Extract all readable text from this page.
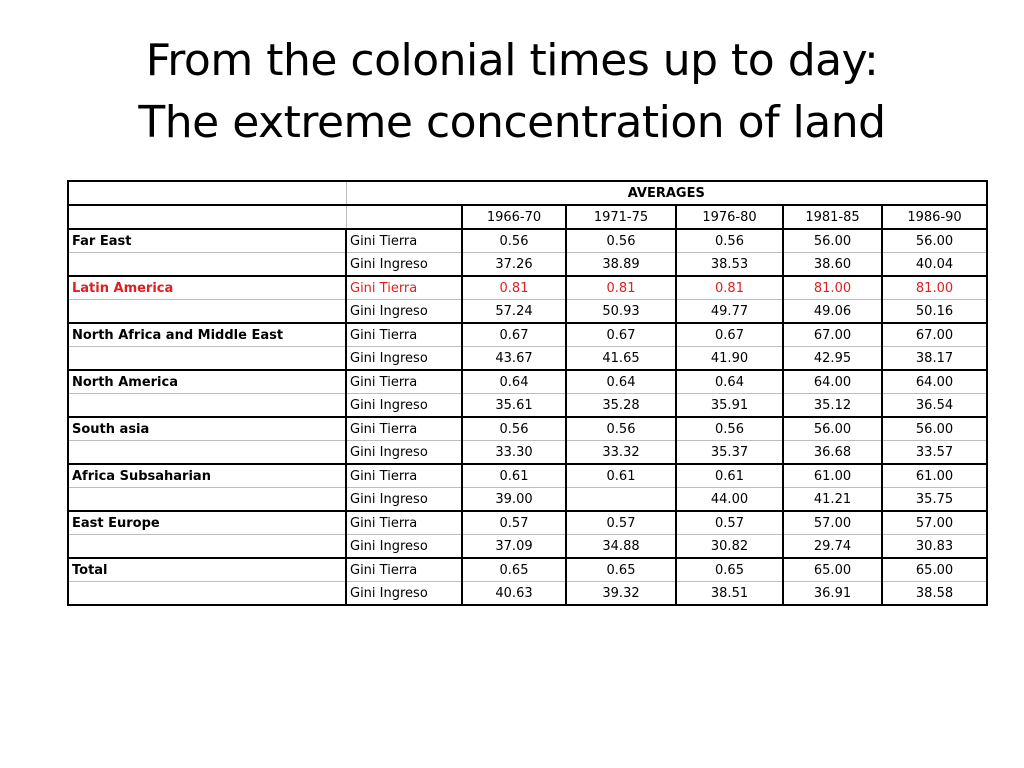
From the colonial times up to day:
The extreme concentration of land
	AVERAGES					
		1966-70	1971-75	1976-80	1981-85	1986-90
Far East	Gini Tierra	0.56	0.56	0.56	56.00	56.00
	Gini Ingreso	37.26	38.89	38.53	38.60	40.04
Latin America	Gini Tierra	0.81	0.81	0.81	81.00	81.00
	Gini Ingreso	57.24	50.93	49.77	49.06	50.16
North Africa and Middle East	Gini Tierra	0.67	0.67	0.67	67.00	67.00
	Gini Ingreso	43.67	41.65	41.90	42.95	38.17
North America	Gini Tierra	0.64	0.64	0.64	64.00	64.00
	Gini Ingreso	35.61	35.28	35.91	35.12	36.54
South asia	Gini Tierra	0.56	0.56	0.56	56.00	56.00
	Gini Ingreso	33.30	33.32	35.37	36.68	33.57
Africa Subsaharian	Gini Tierra	0.61	0.61	0.61	61.00	61.00
	Gini Ingreso	39.00		44.00	41.21	35.75
East Europe	Gini Tierra	0.57	0.57	0.57	57.00	57.00
	Gini Ingreso	37.09	34.88	30.82	29.74	30.83
Total	Gini Tierra	0.65	0.65	0.65	65.00	65.00
	Gini Ingreso	40.63	39.32	38.51	36.91	38.58
